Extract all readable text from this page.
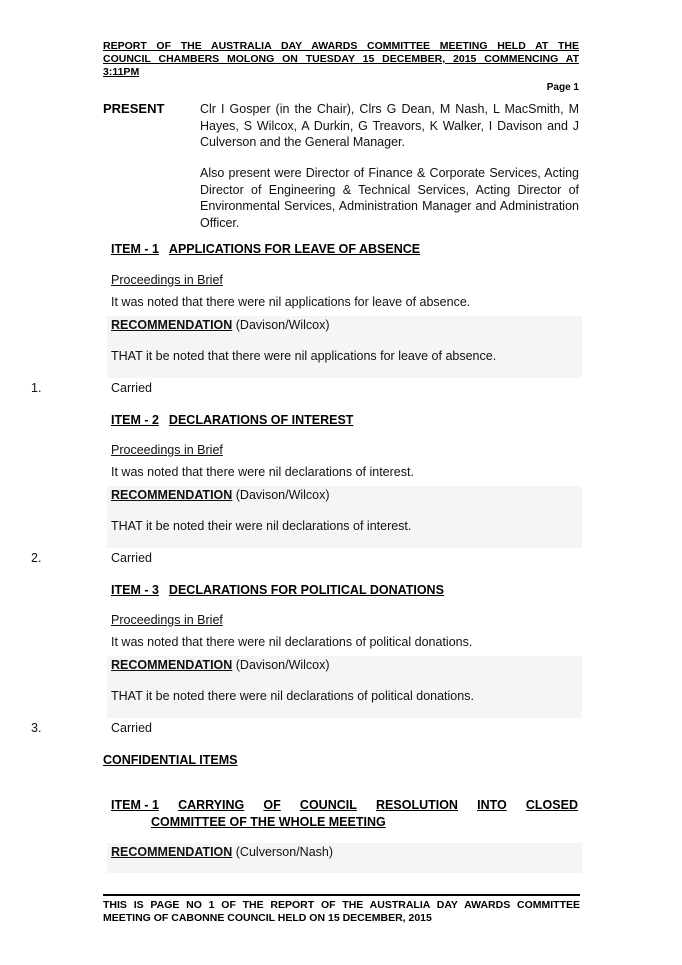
REPORT OF THE AUSTRALIA DAY AWARDS COMMITTEE MEETING HELD AT THE
COUNCIL CHAMBERS MOLONG ON TUESDAY 15 DECEMBER, 2015 COMMENCING AT
3:11PM
Page 1
PRESENT	Clr I Gosper (in the Chair), Clrs G Dean, M Nash, L MacSmith, M Hayes, S Wilcox, A Durkin, G Treavors, K Walker, I Davison and J Culverson and the General Manager.
Also present were Director of Finance & Corporate Services, Acting Director of Engineering & Technical Services, Acting Director of Environmental Services, Administration Manager and Administration Officer.
ITEM - 1 APPLICATIONS FOR LEAVE OF ABSENCE
Proceedings in Brief
It was noted that there were nil applications for leave of absence.
RECOMMENDATION (Davison/Wilcox)
THAT it be noted that there were nil applications for leave of absence.
1.	Carried
ITEM - 2 DECLARATIONS OF INTEREST
Proceedings in Brief
It was noted that there were nil declarations of interest.
RECOMMENDATION (Davison/Wilcox)
THAT it be noted their were nil declarations of interest.
2.	Carried
ITEM - 3 DECLARATIONS FOR POLITICAL DONATIONS
Proceedings in Brief
It was noted that there were nil declarations of political donations.
RECOMMENDATION (Davison/Wilcox)
THAT it be noted there were nil declarations of political donations.
3.	Carried
CONFIDENTIAL ITEMS
ITEM - 1 CARRYING OF COUNCIL RESOLUTION INTO CLOSED
COMMITTEE OF THE WHOLE MEETING
RECOMMENDATION (Culverson/Nash)
THIS IS PAGE NO 1 OF THE REPORT OF THE AUSTRALIA DAY AWARDS COMMITTEE
MEETING OF CABONNE COUNCIL HELD ON 15 DECEMBER, 2015
